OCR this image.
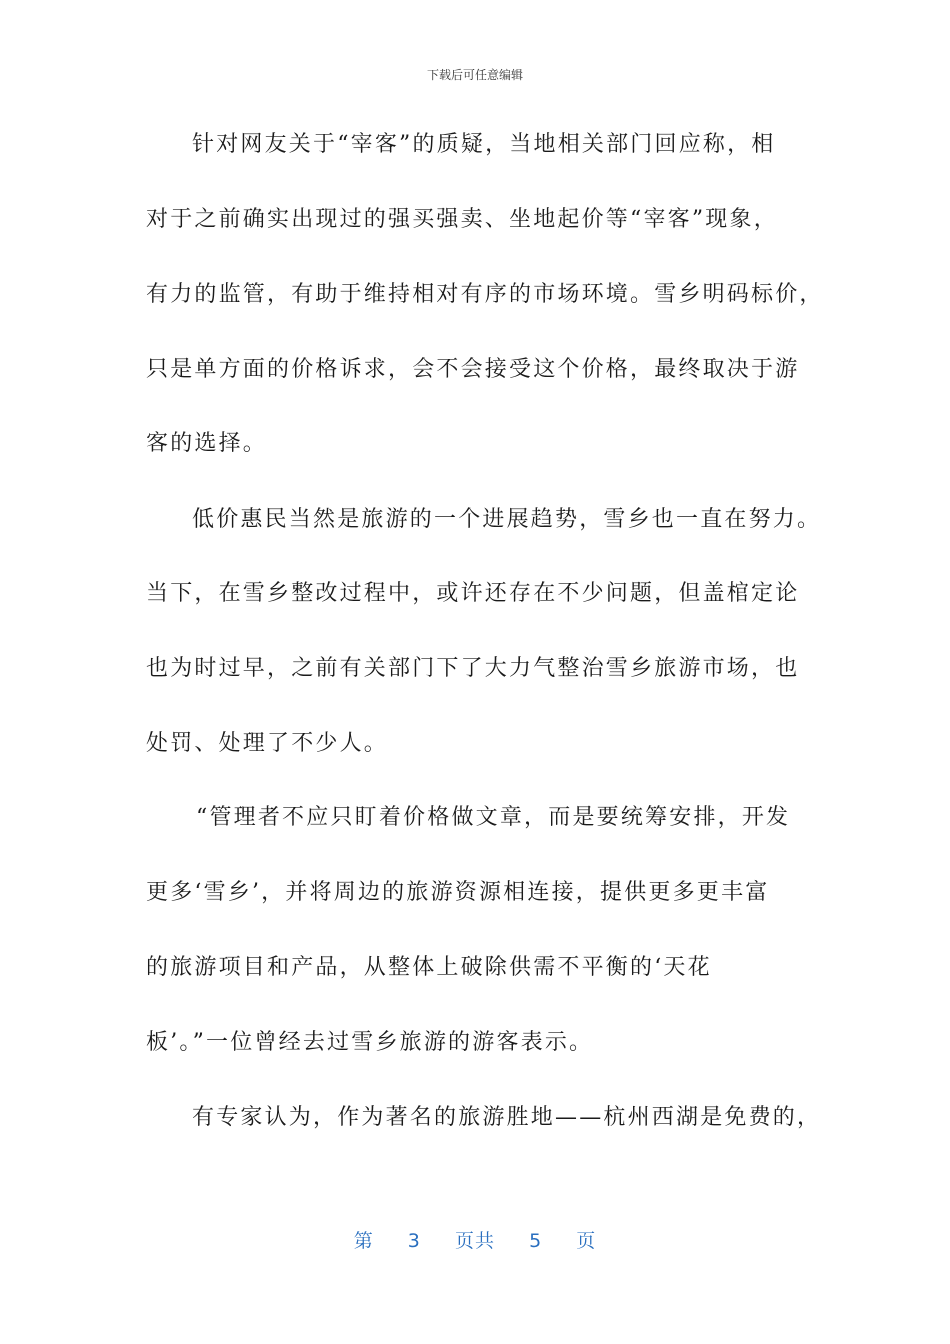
下载后可任意编辑
针对网友关于“宰客”的质疑，当地相关部门回应称，相
对于之前确实出现过的强买强卖、坐地起价等“宰客”现象，
有力的监管，有助于维持相对有序的市场环境。雪乡明码标价，
只是单方面的价格诉求，会不会接受这个价格，最终取决于游
客的选择。
低价惠民当然是旅游的一个进展趋势，雪乡也一直在努力。
当下，在雪乡整改过程中，或许还存在不少问题，但盖棺定论
也为时过早，之前有关部门下了大力气整治雪乡旅游市场，也
处罚、处理了不少人。
“管理者不应只盯着价格做文章，而是要统筹安排，开发
更多‘雪乡’，并将周边的旅游资源相连接，提供更多更丰富
的旅游项目和产品，从整体上破除供需不平衡的‘天花
板’。”一位曾经去过雪乡旅游的游客表示。
有专家认为，作为著名的旅游胜地——杭州西湖是免费的，
第 3 页共 5 页
